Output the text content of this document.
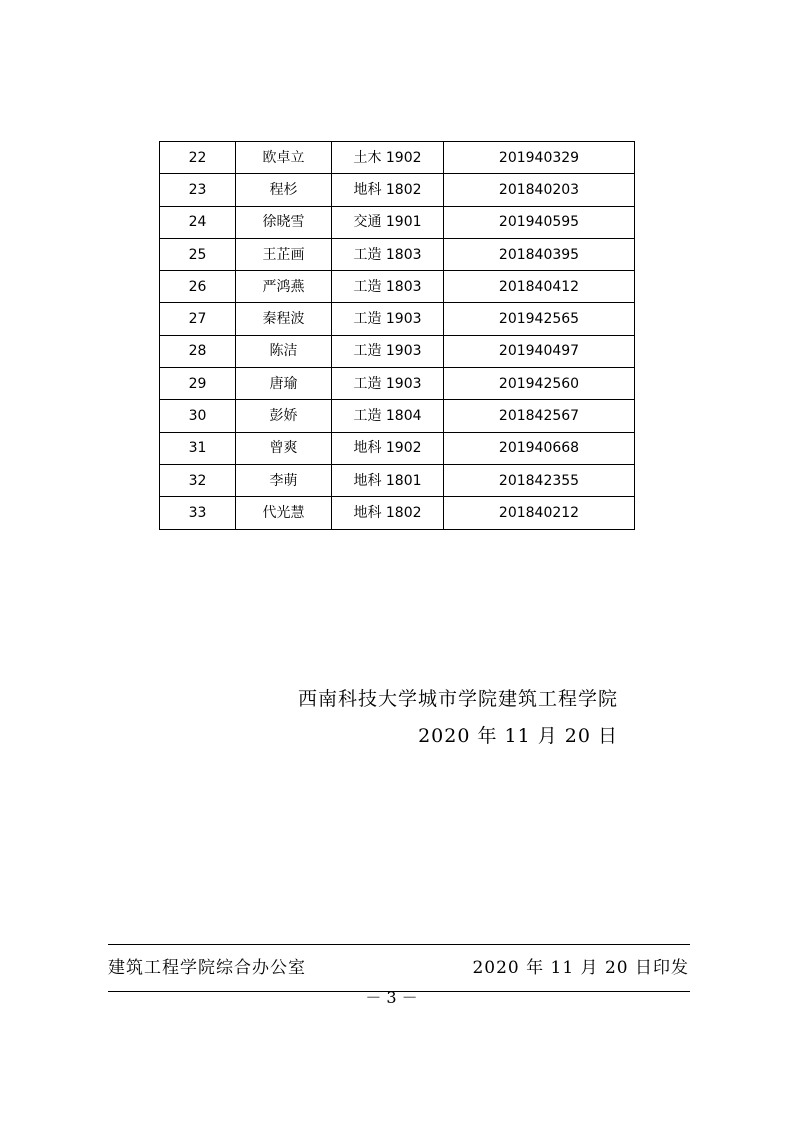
22	欧卓立	土木 1902	201940329
23	程杉	地科 1802	201840203
24	徐晓雪	交通 1901	201940595
25	王芷画	工造 1803	201840395
26	严鸿燕	工造 1803	201840412
27	秦程波	工造 1903	201942565
28	陈洁	工造 1903	201940497
29	唐瑜	工造 1903	201942560
30	彭娇	工造 1804	201842567
31	曾爽	地科 1902	201940668
32	李萌	地科 1801	201842355
33	代光慧	地科 1802	201840212
西南科技大学城市学院建筑工程学院
2020 年 11 月 20 日
建筑工程学院综合办公室	2020 年 11 月 20 日印发
－ 3 －
